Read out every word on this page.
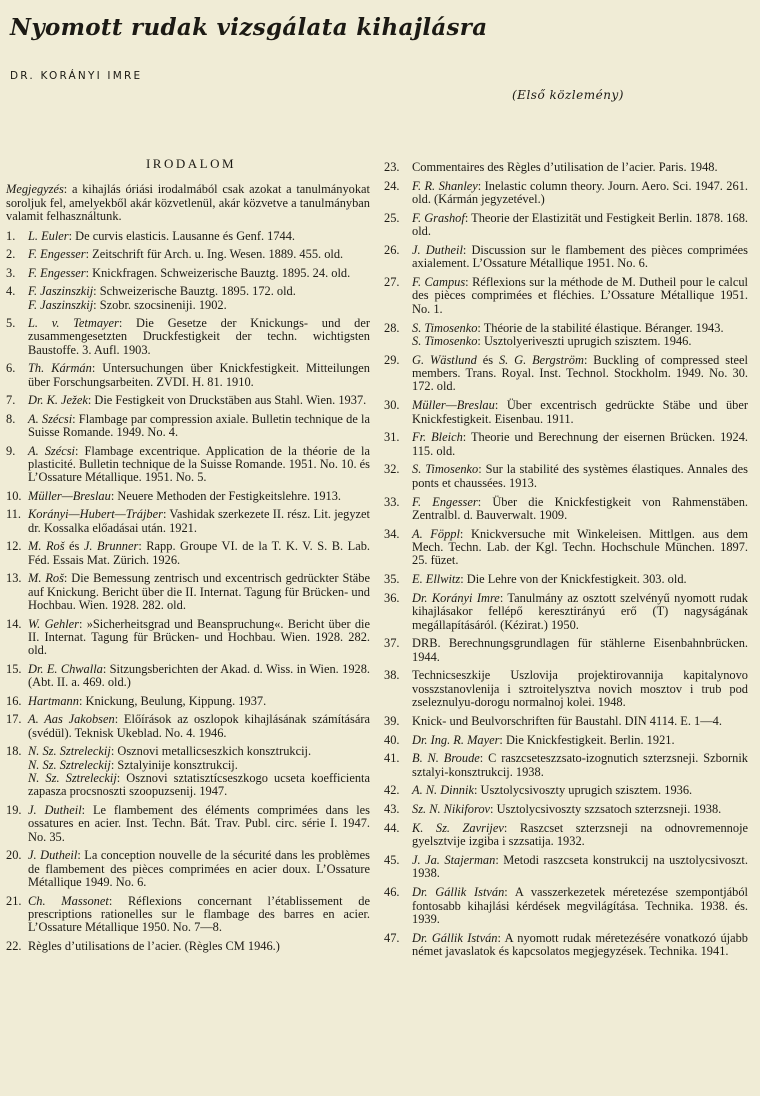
Nyomott rudak vizsgálata kihajlásra
DR. KORÁNYI IMRE
(Első közlemény)
IRODALOM

Megjegyzés: a kihajlás óriási irodalmából csak azokat a tanulmányokat soroljuk fel, amelyekből akár közvetlenül, akár közvetve a tanulmányban valamit felhasználtunk.

1.	L. Euler: De curvis elasticis. Lausanne és Genf. 1744.
2.	F. Engesser: Zeitschrift für Arch. u. Ing. Wesen. 1889. 455. old.
3.	F. Engesser: Knickfragen. Schweizerische Bauztg. 1895. 24. old.
4.	F. Jaszinszkij: Schweizerische Bauztg. 1895. 172. old.
F. Jaszinszkij: Szobr. szocsineniji. 1902.
5.	L. v. Tetmayer: Die Gesetze der Knickungs- und der zusammengesetzten Druckfestigkeit der techn. wichtigsten Baustoffe. 3. Aufl. 1903.
6.	Th. Kármán: Untersuchungen über Knickfestigkeit. Mitteilungen über Forschungsarbeiten. ZVDI. H. 81. 1910.
7.	Dr. K. Ježek: Die Festigkeit von Druckstäben aus Stahl. Wien. 1937.
8.	A. Szécsi: Flambage par compression axiale. Bulletin technique de la Suisse Romande. 1949. No. 4.
9.	A. Szécsi: Flambage excentrique. Application de la théorie de la plasticité. Bulletin technique de la Suisse Romande. 1951. No. 10. és L’Ossature Métallique. 1951. No. 5.
10. Müller—Breslau: Neuere Methoden der Festigkeitslehre. 1913.
11. Korányi—Hubert—Trájber: Vashidak szerkezete II. rész. Lit. jegyzet dr. Kossalka előadásai után. 1921.
12. M. Roš és J. Brunner: Rapp. Groupe VI. de la T. K. V. S. B. Lab. Féd. Essais Mat. Zürich. 1926.
13. M. Roš: Die Bemessung zentrisch und excentrisch gedrückter Stäbe auf Knickung. Bericht über die II. Internat. Tagung für Brücken- und Hochbau. Wien. 1928. 282. old.
14. W. Gehler: »Sicherheitsgrad und Beanspruchung«. Bericht über die II. Internat. Tagung für Brücken- und Hochbau. Wien. 1928. 282. old.
15. Dr. E. Chwalla: Sitzungsberichten der Akad. d. Wiss. in Wien. 1928. (Abt. II. a. 469. old.)
16. Hartmann: Knickung, Beulung, Kippung. 1937.
17. A. Aas Jakobsen: Előírások az oszlopok kihajlásának számítására (svédül). Teknisk Ukeblad. No. 4. 1946.
18. N. Sz. Sztreleckij: Osznovi metallicseszkich konsztrukcij.
N. Sz. Sztreleckij: Sztalyinije konsztrukcij.
N. Sz. Sztreleckij: Osznovi sztatisztícseszkogo ucseta koefficienta zapasza procsnoszti szoopuzsenij. 1947.
19. J. Dutheil: Le flambement des éléments comprimées dans les ossatures en acier. Inst. Techn. Bát. Trav. Publ. circ. série I. 1947. No. 35.
20. J. Dutheil: La conception nouvelle de la sécurité dans les problèmes de flambement des pièces comprimées en acier doux. L’Ossature Métallique 1949. No. 6.
21. Ch. Massonet: Réflexions concernant l’établissement de prescriptions rationelles sur le flambage des barres en acier. L’Ossature Métallique 1950. No. 7—8.
22. Règles d’utilisations de l’acier. (Règles CM 1946.)
23.	Commentaires des Règles d’utilisation de l’acier. Paris. 1948.
24.	F. R. Shanley: Inelastic column theory. Journ. Aero. Sci. 1947. 261. old. (Kármán jegyzetével.)
25.	F. Grashof: Theorie der Elastizität und Festigkeit Berlin. 1878. 168. old.
26.	J. Dutheil: Discussion sur le flambement des pièces comprimées axialement. L’Ossature Métallique 1951. No. 6.
27.	F. Campus: Réflexions sur la méthode de M. Dutheil pour le calcul des pièces comprimées et fléchies. L’Ossature Métallique 1951. No. 1.
28.	S. Timosenko: Théorie de la stabilité élastique. Béranger. 1943.
S. Timosenko: Usztolyeriveszti uprugich szisztem. 1946.
29.	G. Wästlund és S. G. Bergström: Buckling of compressed steel members. Trans. Royal. Inst. Technol. Stockholm. 1949. No. 30. 172. old.
30.	Müller—Breslau: Über excentrisch gedrückte Stäbe und über Knickfestigkeit. Eisenbau. 1911.
31.	Fr. Bleich: Theorie und Berechnung der eisernen Brücken. 1924. 115. old.
32.	S. Timosenko: Sur la stabilité des systèmes élastiques. Annales des ponts et chaussées. 1913.
33.	F. Engesser: Über die Knickfestigkeit von Rahmenstäben. Zentralbl. d. Bauverwalt. 1909.
34.	A. Föppl: Knickversuche mit Winkeleisen. Mittlgen. aus dem Mech. Techn. Lab. der Kgl. Techn. Hochschule München. 1897. 25. füzet.
35.	E. Ellwitz: Die Lehre von der Knickfestigkeit. 303. old.
36.	Dr. Korányi Imre: Tanulmány az osztott szelvényű nyomott rudak kihajlásakor fellépő keresztirányú erő (T) nagyságának megállapításáról. (Kézirat.) 1950.
37.	DRB. Berechnungsgrundlagen für stählerne Eisenbahnbrücken. 1944.
38.	Technicseszkije Uszlovija projektirovannija kapitalynovo vosszstanovlenija i sztroitelysztva novich mosztov i trub pod zseleznulyu-dorogu normalnoj kolei. 1948.
39.	Knick- und Beulvorschriften für Baustahl. DIN 4114. E. 1—4.
40.	Dr. Ing. R. Mayer: Die Knickfestigkeit. Berlin. 1921.
41.	B. N. Broude: C raszcseteszzsato-izognutich szterzsneji. Szbornik sztalyi-konsztrukcij. 1938.
42.	A. N. Dinnik: Usztolycsivoszty uprugich szisztem. 1936.
43.	Sz. N. Nikiforov: Usztolycsivoszty szzsatoch szterzsneji. 1938.
44.	K. Sz. Zavrijev: Raszcset szterzsneji na odnovremennoje gyelsztvije izgiba i szzsatija. 1932.
45.	J. Ja. Stajerman: Metodi raszcseta konstrukcij na usztolycsivoszt. 1938.
46.	Dr. Gállik István: A vasszerkezetek méretezése szempontjából fontosabb kihajlási kérdések megvilágítása. Technika. 1938. és. 1939.
47.	Dr. Gállik István: A nyomott rudak méretezésére vonatkozó újabb német javaslatok és kapcsolatos megjegyzések. Technika. 1941.
